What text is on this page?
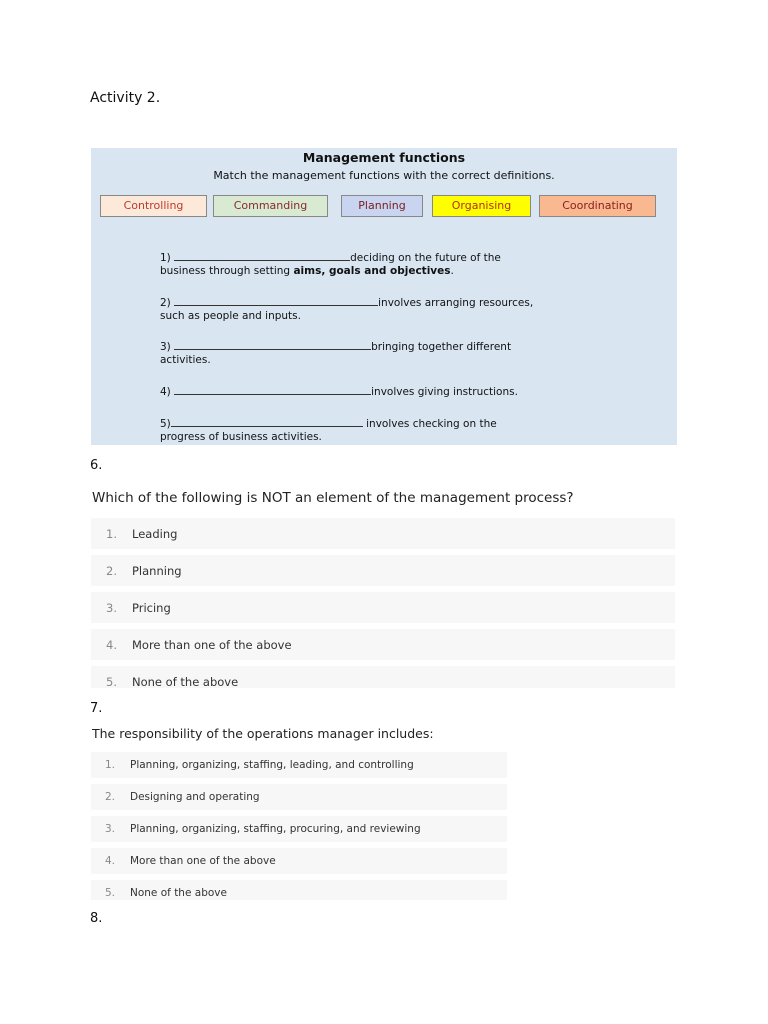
Activity 2.
Management functions
Match the management functions with the correct definitions.
Controlling	Commanding	Planning	Organising	Coordinating
1)	deciding on the future of the
business through setting aims, goals and objectives.
2)	involves arranging resources,
such as people and inputs.
3)	bringing together different
activities.
4)	involves giving instructions.
5)	involves checking on the
progress of business activities.
6.
Which of the following is NOT an element of the management process?
1. Leading
2. Planning
3. Pricing
4. More than one of the above
5. None of the above
7.
The responsibility of the operations manager includes:
1. Planning, organizing, staffing, leading, and controlling
2. Designing and operating
3. Planning, organizing, staffing, procuring, and reviewing
4. More than one of the above
5. None of the above
8.
